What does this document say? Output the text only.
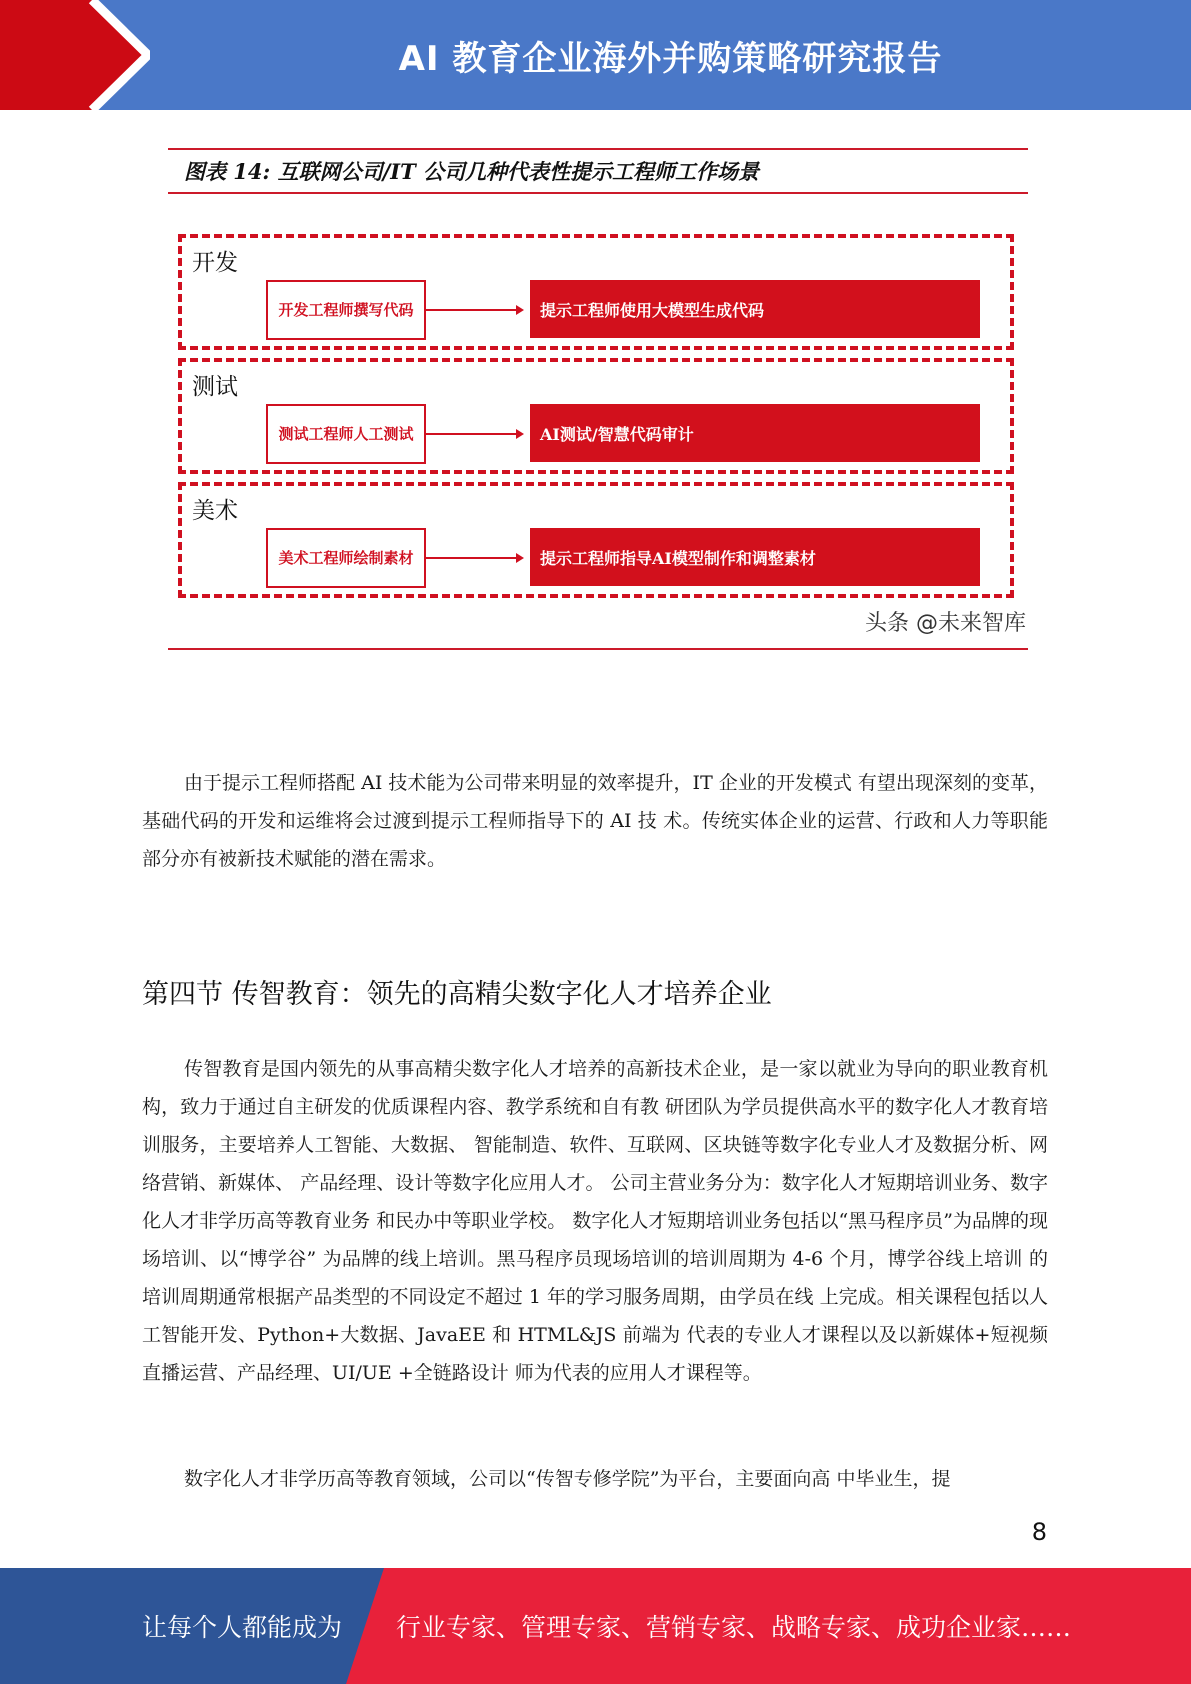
AI 教育企业海外并购策略研究报告
图表 14: 互联网公司/IT 公司几种代表性提示工程师工作场景
开发
开发工程师撰写代码	提示工程师使用大模型生成代码
测试
测试工程师人工测试	AI测试/智慧代码审计
美术
美术工程师绘制素材	提示工程师指导AI模型制作和调整素材
头条 @未来智库

由于提示工程师搭配 AI 技术能为公司带来明显的效率提升，IT 企业的开发模式 有望出现深刻的变革，基础代码的开发和运维将会过渡到提示工程师指导下的 AI 技 术。传统实体企业的运营、行政和人力等职能部分亦有被新技术赋能的潜在需求。

第四节 传智教育：领先的高精尖数字化人才培养企业

传智教育是国内领先的从事高精尖数字化人才培养的高新技术企业，是一家以就业为导向的职业教育机构，致力于通过自主研发的优质课程内容、教学系统和自有教 研团队为学员提供高水平的数字化人才教育培训服务，主要培养人工智能、大数据、 智能制造、软件、互联网、区块链等数字化专业人才及数据分析、网络营销、新媒体、 产品经理、设计等数字化应用人才。 公司主营业务分为：数字化人才短期培训业务、数字化人才非学历高等教育业务 和民办中等职业学校。 数字化人才短期培训业务包括以“黑马程序员”为品牌的现场培训、以“博学谷” 为品牌的线上培训。黑马程序员现场培训的培训周期为 4-6 个月，博学谷线上培训 的培训周期通常根据产品类型的不同设定不超过 1 年的学习服务周期，由学员在线 上完成。相关课程包括以人工智能开发、Python+大数据、JavaEE 和 HTML&JS 前端为 代表的专业人才课程以及以新媒体+短视频直播运营、产品经理、UI/UE +全链路设计 师为代表的应用人才课程等。

数字化人才非学历高等教育领域，公司以“传智专修学院”为平台，主要面向高 中毕业生，提

8
让每个人都能成为 行业专家、管理专家、营销专家、战略专家、成功企业家……
